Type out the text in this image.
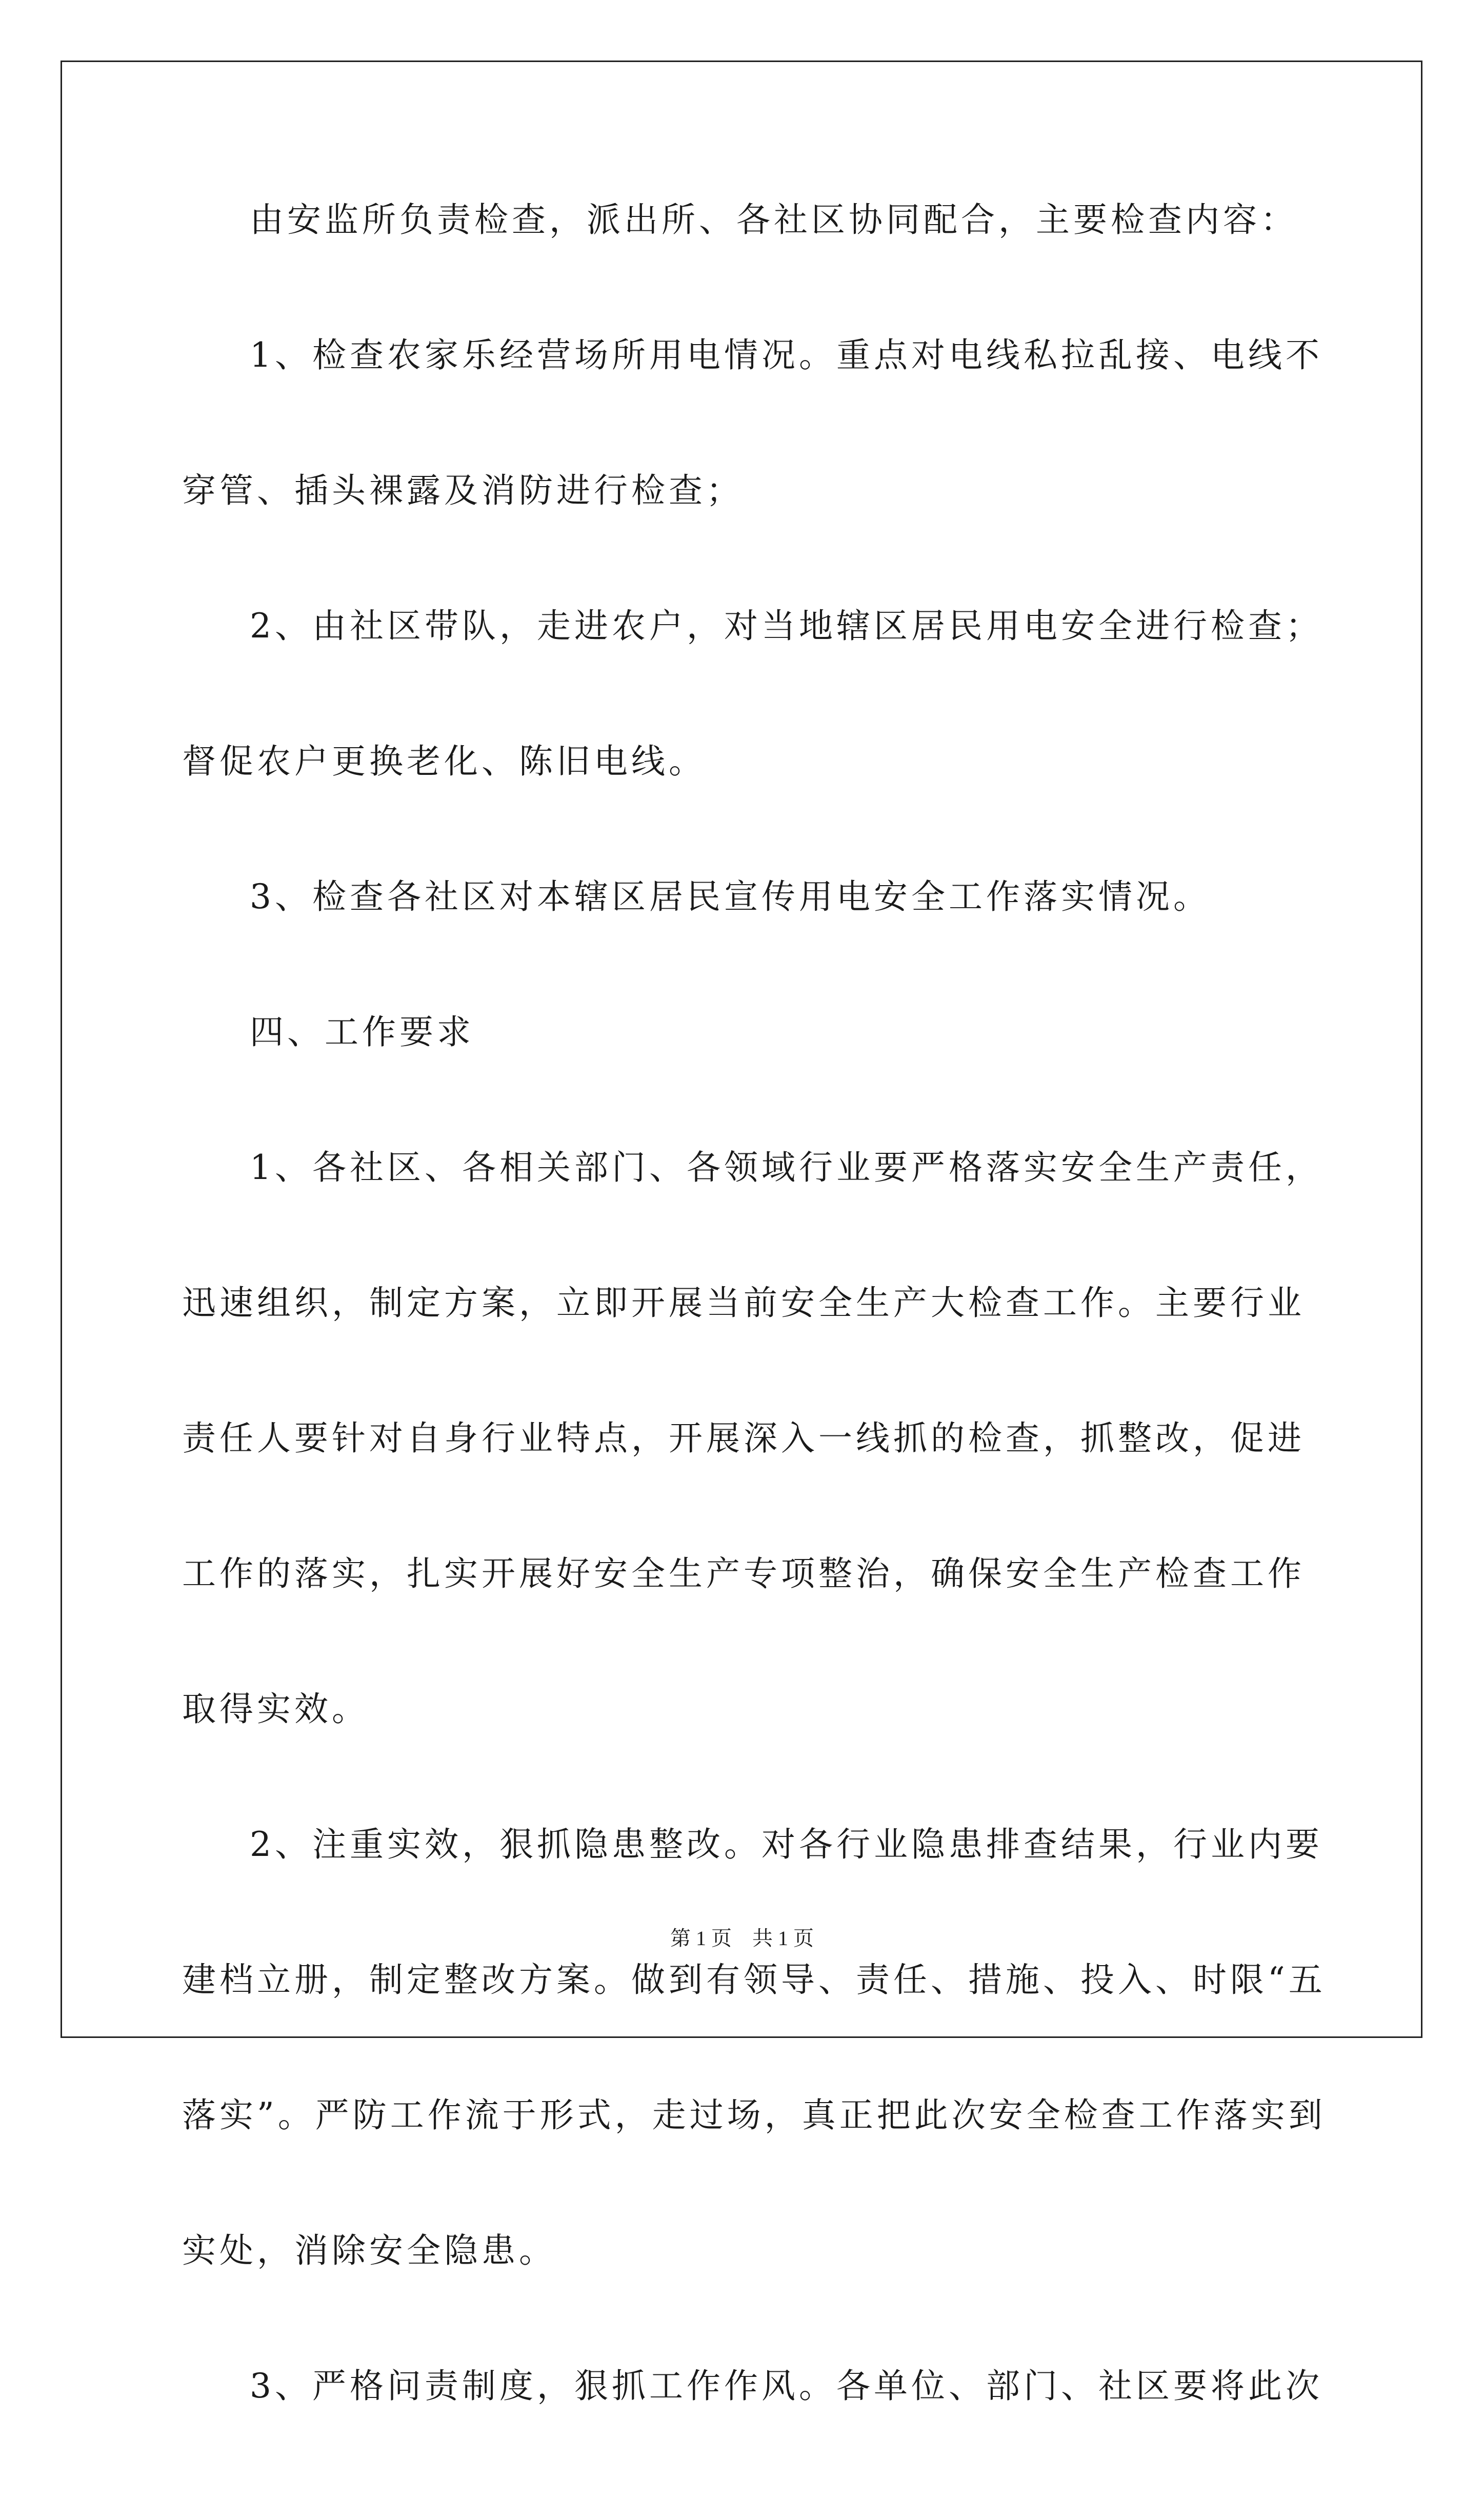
由安监所负责检查，派出所、各社区协同配合，主要检查内容：
1、检查农家乐经营场所用电情况。重点对电线私拉乱接、电线不
穿管、插头裸露及消防进行检查；
2、由社区带队，走进农户，对当地辖区居民用电安全进行检查；
督促农户更换老化、陈旧电线。
3、检查各社区对本辖区居民宣传用电安全工作落实情况。
四、工作要求
1、各社区、各相关部门、各领域行业要严格落实安全生产责任，
迅速组织，制定方案，立即开展当前安全生产大检查工作。主要行业
责任人要针对自身行业特点，开展深入一线抓的检查，抓整改，促进
工作的落实，扎实开展好安全生产专项整治，确保安全生产检查工作
取得实效。
2、注重实效，狠抓隐患整改。对各行业隐患排查结果，行业内要
建档立册，制定整改方案。做到有领导、责任、措施、投入、时限“五
落实”。严防工作流于形式，走过场，真正把此次安全检查工作落实到
实处，消除安全隐患。
3、严格问责制度，狠抓工作作风。各单位、部门、社区要将此次
第 1 页　共 1 页
